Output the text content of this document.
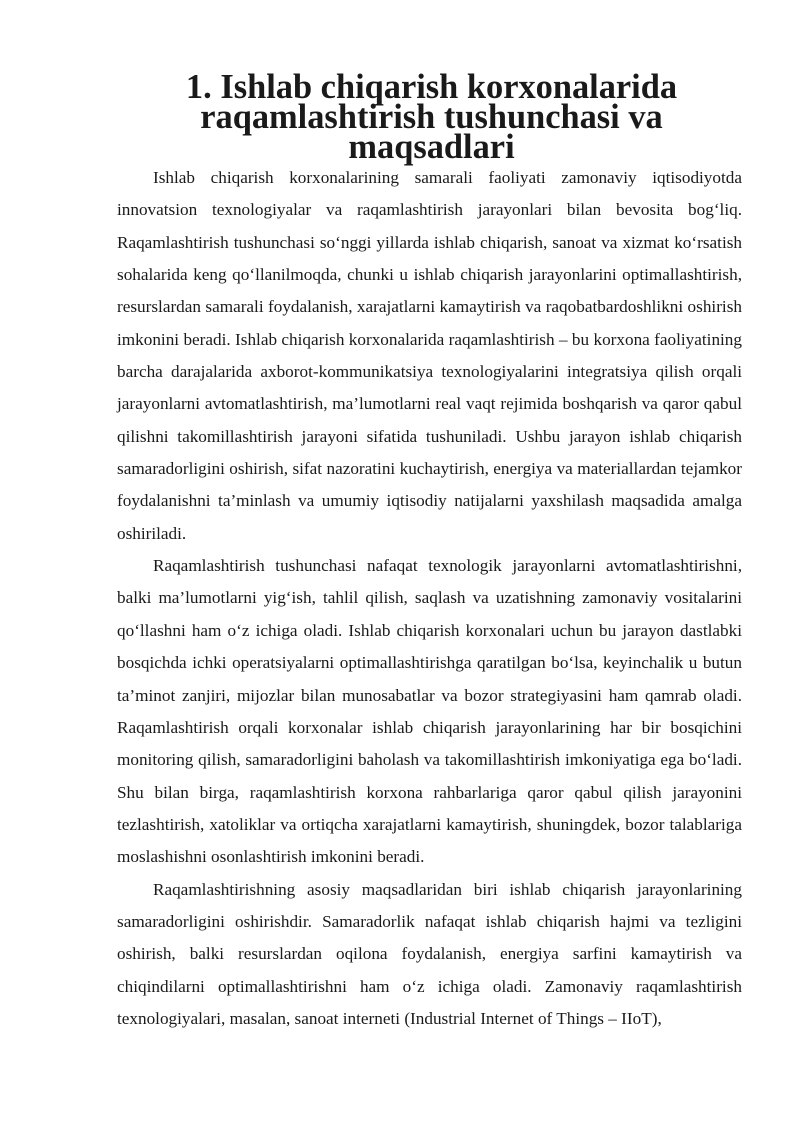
1. Ishlab chiqarish korxonalarida raqamlashtirish tushunchasi va maqsadlari

Ishlab chiqarish korxonalarining samarali faoliyati zamonaviy iqtisodiyotda innovatsion texnologiyalar va raqamlashtirish jarayonlari bilan bevosita bog‘liq. Raqamlashtirish tushunchasi so‘nggi yillarda ishlab chiqarish, sanoat va xizmat ko‘rsatish sohalarida keng qo‘llanilmoqda, chunki u ishlab chiqarish jarayonlarini optimallashtirish, resurslardan samarali foydalanish, xarajatlarni kamaytirish va raqobatbardoshlikni oshirish imkonini beradi. Ishlab chiqarish korxonalarida raqamlashtirish – bu korxona faoliyatining barcha darajalarida axborot-kommunikatsiya texnologiyalarini integratsiya qilish orqali jarayonlarni avtomatlashtirish, ma’lumotlarni real vaqt rejimida boshqarish va qaror qabul qilishni takomillashtirish jarayoni sifatida tushuniladi. Ushbu jarayon ishlab chiqarish samaradorligini oshirish, sifat nazoratini kuchaytirish, energiya va materiallardan tejamkor foydalanishni ta’minlash va umumiy iqtisodiy natijalarni yaxshilash maqsadida amalga oshiriladi.

Raqamlashtirish tushunchasi nafaqat texnologik jarayonlarni avtomatlashtirishni, balki ma’lumotlarni yig‘ish, tahlil qilish, saqlash va uzatishning zamonaviy vositalarini qo‘llashni ham o‘z ichiga oladi. Ishlab chiqarish korxonalari uchun bu jarayon dastlabki bosqichda ichki operatsiyalarni optimallashtirishga qaratilgan bo‘lsa, keyinchalik u butun ta’minot zanjiri, mijozlar bilan munosabatlar va bozor strategiyasini ham qamrab oladi. Raqamlashtirish orqali korxonalar ishlab chiqarish jarayonlarining har bir bosqichini monitoring qilish, samaradorligini baholash va takomillashtirish imkoniyatiga ega bo‘ladi. Shu bilan birga, raqamlashtirish korxona rahbarlariga qaror qabul qilish jarayonini tezlashtirish, xatoliklar va ortiqcha xarajatlarni kamaytirish, shuningdek, bozor talablariga moslashishni osonlashtirish imkonini beradi.

Raqamlashtirishning asosiy maqsadlaridan biri ishlab chiqarish jarayonlarining samaradorligini oshirishdir. Samaradorlik nafaqat ishlab chiqarish hajmi va tezligini oshirish, balki resurslardan oqilona foydalanish, energiya sarfini kamaytirish va chiqindilarni optimallashtirishni ham o‘z ichiga oladi. Zamonaviy raqamlashtirish texnologiyalari, masalan, sanoat interneti (Industrial Internet of Things – IIoT),
